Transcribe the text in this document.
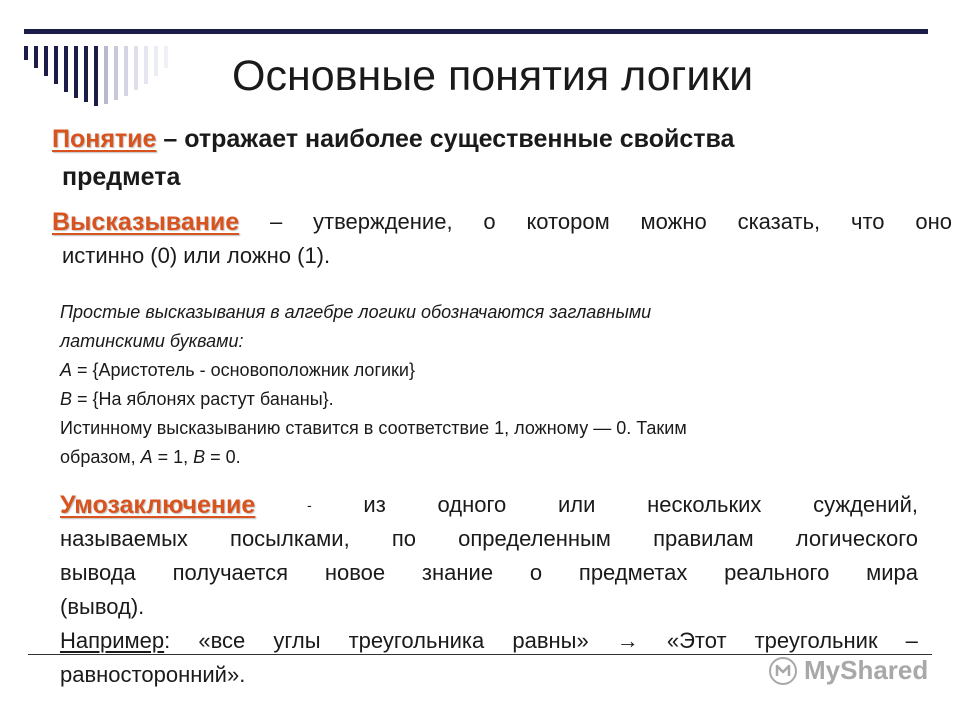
Основные понятия логики
Понятие – отражает наиболее существенные свойства
предмета
Высказывание – утверждение, о котором можно сказать, что оно
истинно (0) или ложно (1).
Простые высказывания в алгебре логики обозначаются заглавными
латинскими буквами:
А = {Аристотель - основоположник логики}
В = {На яблонях растут бананы}.
Истинному высказыванию ставится в соответствие 1, ложному — 0. Таким
образом, А = 1, В = 0.
Умозаключение	- из одного или нескольких суждений,
называемых посылками, по определенным правилам логического
вывода получается новое знание о предметах реального мира
(вывод).
Например: «все углы треугольника равны» → «Этот треугольник –
равносторонний».	MyShared
